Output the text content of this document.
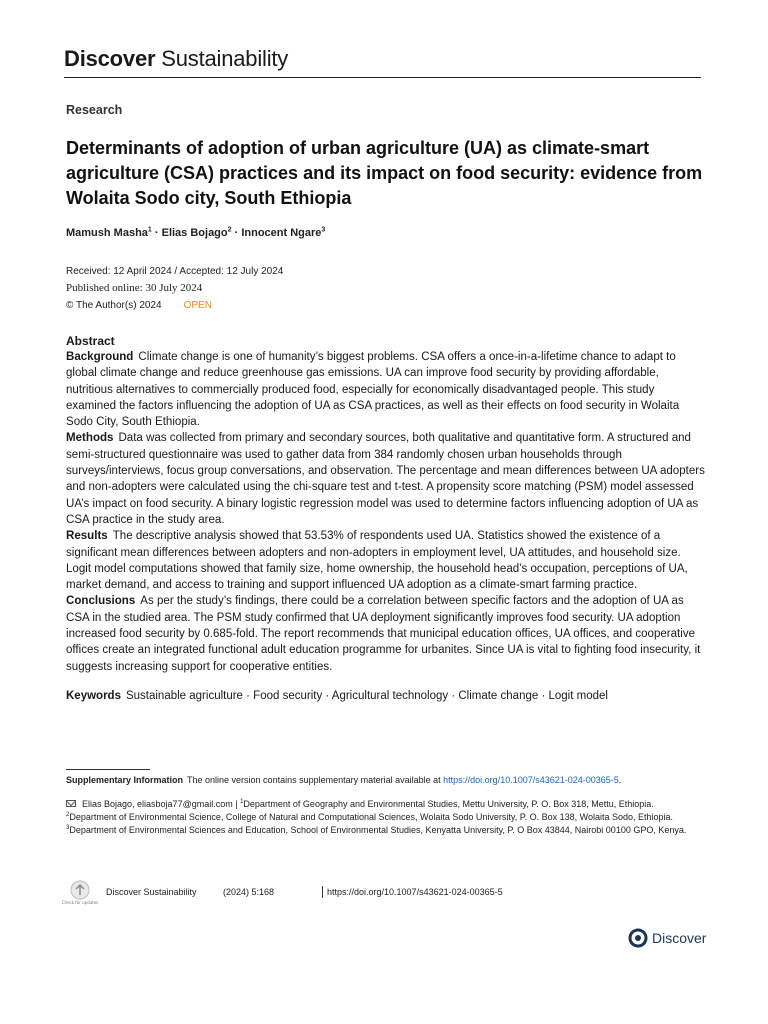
Discover Sustainability
Research
Determinants of adoption of urban agriculture (UA) as climate-smart agriculture (CSA) practices and its impact on food security: evidence from Wolaita Sodo city, South Ethiopia
Mamush Masha$^1$ · Elias Bojago$^2$ · Innocent Ngare$^3$
Received: 12 April 2024 / Accepted: 12 July 2024
Published online: 30 July 2024
© The Author(s) 2024 OPEN
Abstract

Background Climate change is one of humanity’s biggest problems. CSA offers a once-in-a-lifetime chance to adapt to global climate change and reduce greenhouse gas emissions. UA can improve food security by providing affordable, nutritious alternatives to commercially produced food, especially for economically disadvantaged people. This study examined the factors influencing the adoption of UA as CSA practices, as well as their effects on food security in Wolaita Sodo City, South Ethiopia.

Methods Data was collected from primary and secondary sources, both qualitative and quantitative form. A structured and semi-structured questionnaire was used to gather data from 384 randomly chosen urban households through surveys/interviews, focus group conversations, and observation. The percentage and mean differences between UA adopters and non-adopters were calculated using the chi-square test and t-test. A propensity score matching (PSM) model assessed UA’s impact on food security. A binary logistic regression model was used to determine factors influencing adoption of UA as CSA practice in the study area.

Results The descriptive analysis showed that 53.53% of respondents used UA. Statistics showed the existence of a significant mean differences between adopters and non-adopters in employment level, UA attitudes, and household size. Logit model computations showed that family size, home ownership, the household head’s occupation, perceptions of UA, market demand, and access to training and support influenced UA adoption as a climate-smart farming practice.

Conclusions As per the study’s findings, there could be a correlation between specific factors and the adoption of UA as CSA in the studied area. The PSM study confirmed that UA deployment significantly improves food security. UA adoption increased food security by 0.685-fold. The report recommends that municipal education offices, UA offices, and cooperative offices create an integrated functional adult education programme for urbanites. Since UA is vital to fighting food insecurity, it suggests increasing support for cooperative entities.

Keywords Sustainable agriculture · Food security · Agricultural technology · Climate change · Logit model
Supplementary Information The online version contains supplementary material available at https://doi.org/10.1007/s43621-024-00365-5.
Elias Bojago, eliasboja77@gmail.com | $^1$Department of Geography and Environmental Studies, Mettu University, P. O. Box 318, Mettu, Ethiopia. $^2$Department of Environmental Science, College of Natural and Computational Sciences, Wolaita Sodo University, P. O. Box 138, Wolaita Sodo, Ethiopia. $^3$Department of Environmental Sciences and Education, School of Environmental Studies, Kenyatta University, P. O Box 43844, Nairobi 00100 GPO, Kenya.
Check for updates
Discover Sustainability	(2024) 5:168	https://doi.org/10.1007/s43621-024-00365-5
Discover
